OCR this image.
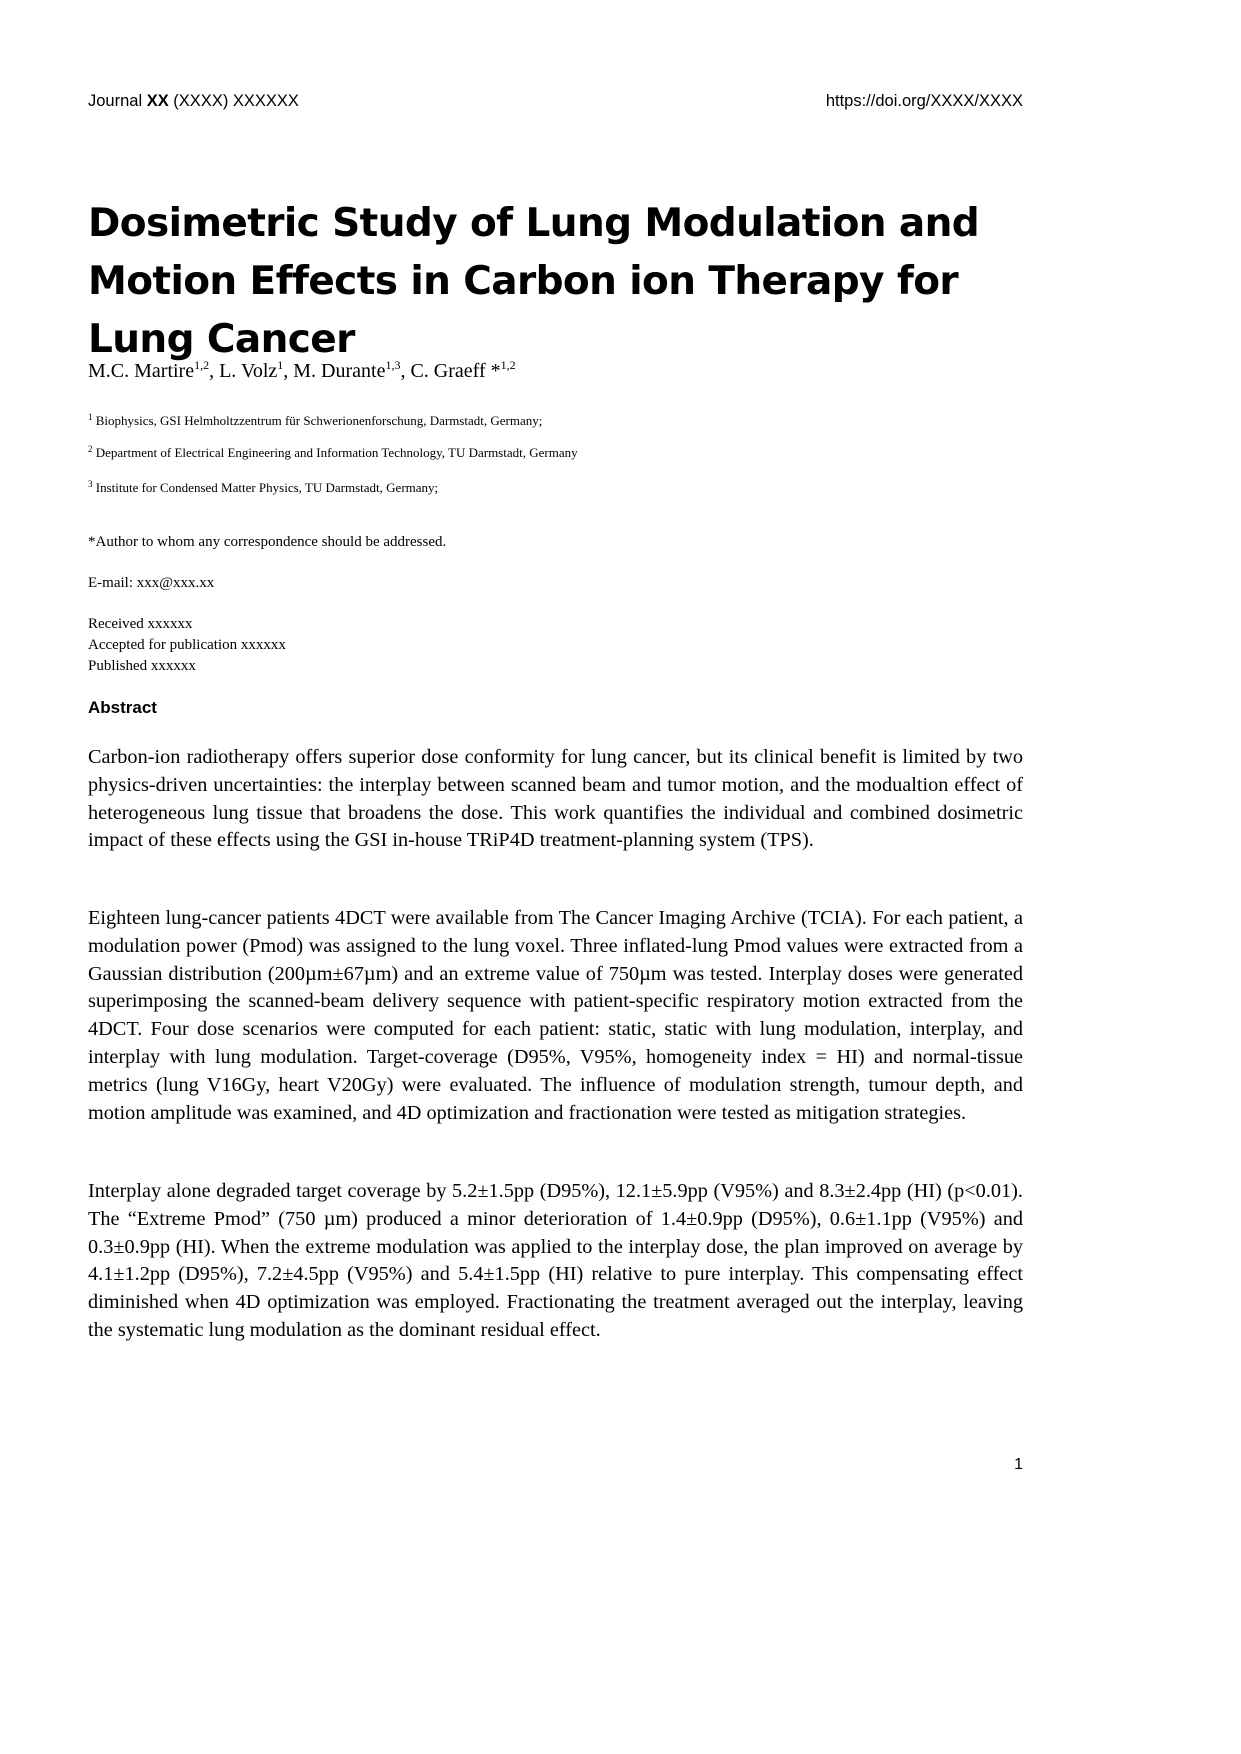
Journal XX (XXXX) XXXXXX	https://doi.org/XXXX/XXXX
Dosimetric Study of Lung Modulation and Motion Effects in Carbon ion Therapy for Lung Cancer
M.C. Martire$^{1,2}$, L. Volz$^1$, M. Durante$^{1,3}$, C. Graeff *$^{1,2}$
$^1$ Biophysics, GSI Helmholtzzentrum für Schwerionenforschung, Darmstadt, Germany;
$^2$ Department of Electrical Engineering and Information Technology, TU Darmstadt, Germany
$^3$ Institute for Condensed Matter Physics, TU Darmstadt, Germany;
*Author to whom any correspondence should be addressed.
E-mail: xxx@xxx.xx
Received xxxxxx
Accepted for publication xxxxxx
Published xxxxxx
Abstract
Carbon-ion radiotherapy offers superior dose conformity for lung cancer, but its clinical benefit is limited by two physics-driven uncertainties: the interplay between scanned beam and tumor motion, and the modualtion effect of heterogeneous lung tissue that broadens the dose. This work quantifies the individual and combined dosimetric impact of these effects using the GSI in-house TRiP4D treatment-planning system (TPS).
Eighteen lung-cancer patients 4DCT were available from The Cancer Imaging Archive (TCIA). For each patient, a modulation power (Pmod) was assigned to the lung voxel. Three inflated-lung Pmod values were extracted from a Gaussian distribution (200µm±67µm) and an extreme value of 750µm was tested. Interplay doses were generated superimposing the scanned-beam delivery sequence with patient-specific respiratory motion extracted from the 4DCT. Four dose scenarios were computed for each patient: static, static with lung modulation, interplay, and interplay with lung modulation. Target-coverage (D95%, V95%, homogeneity index = HI) and normal-tissue metrics (lung V16Gy, heart V20Gy) were evaluated. The influence of modulation strength, tumour depth, and motion amplitude was examined, and 4D optimization and fractionation were tested as mitigation strategies.
Interplay alone degraded target coverage by 5.2±1.5pp (D95%), 12.1±5.9pp (V95%) and 8.3±2.4pp (HI) (p<0.01). The “Extreme Pmod” (750 µm) produced a minor deterioration of 1.4±0.9pp (D95%), 0.6±1.1pp (V95%) and 0.3±0.9pp (HI). When the extreme modulation was applied to the interplay dose, the plan improved on average by 4.1±1.2pp (D95%), 7.2±4.5pp (V95%) and 5.4±1.5pp (HI) relative to pure interplay. This compensating effect diminished when 4D optimization was employed. Fractionating the treatment averaged out the interplay, leaving the systematic lung modulation as the dominant residual effect.
1
